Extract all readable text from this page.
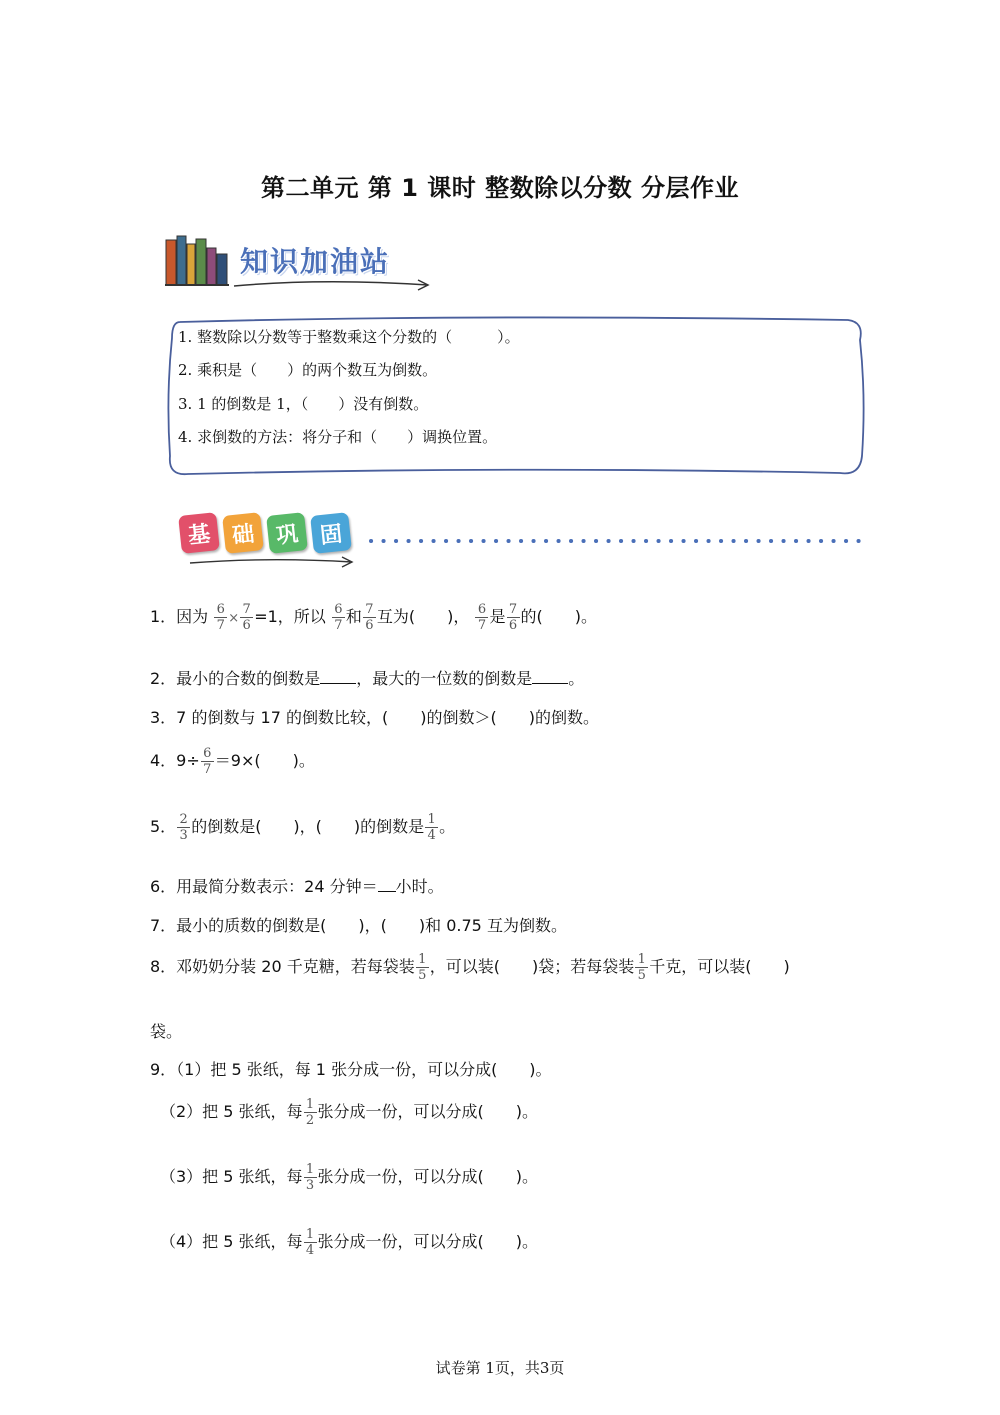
第二单元 第 1 课时 整数除以分数 分层作业
知识加油站
1. 整数除以分数等于整数乘这个分数的（　　　）。
2. 乘积是（　　）的两个数互为倒数。
3. 1 的倒数是 1，（　　）没有倒数。
4. 求倒数的方法：将分子和（　　）调换位置。
基 础 巩 固
1．因为 $\frac{6}{7} \times \frac{7}{6} =1$，所以 $\frac{6}{7}$ 和 $\frac{7}{6}$ 互为(　　)， $\frac{6}{7}$ 是 $\frac{7}{6}$ 的(　　)。
2．最小的合数的倒数是 ，最大的一位数的倒数是 。
3．7 的倒数与 17 的倒数比较，(　　)的倒数＞(　　)的倒数。
4．$9\div \frac{6}{7} =9\times$(　　)。
5． $\frac{2}{3}$ 的倒数是(　　)，(　　)的倒数是 $\frac{1}{4}$ 。
6．用最简分数表示：24 分钟＝ 小时。
7．最小的质数的倒数是(　　)，(　　)和 0.75 互为倒数。
8．邓奶奶分装 20 千克糖，若每袋装 $\frac{1}{5}$ ，可以装(　　)袋；若每袋装 $\frac{1}{5}$ 千克，可以装(　　)
袋。
9．（1）把 5 张纸，每 1 张分成一份，可以分成(　　)。
（2）把 5 张纸，每 $\frac{1}{2}$ 张分成一份，可以分成(　　)。
（3）把 5 张纸，每 $\frac{1}{3}$ 张分成一份，可以分成(　　)。
（4）把 5 张纸，每 $\frac{1}{4}$ 张分成一份，可以分成(　　)。
试卷第 1页，共3页
